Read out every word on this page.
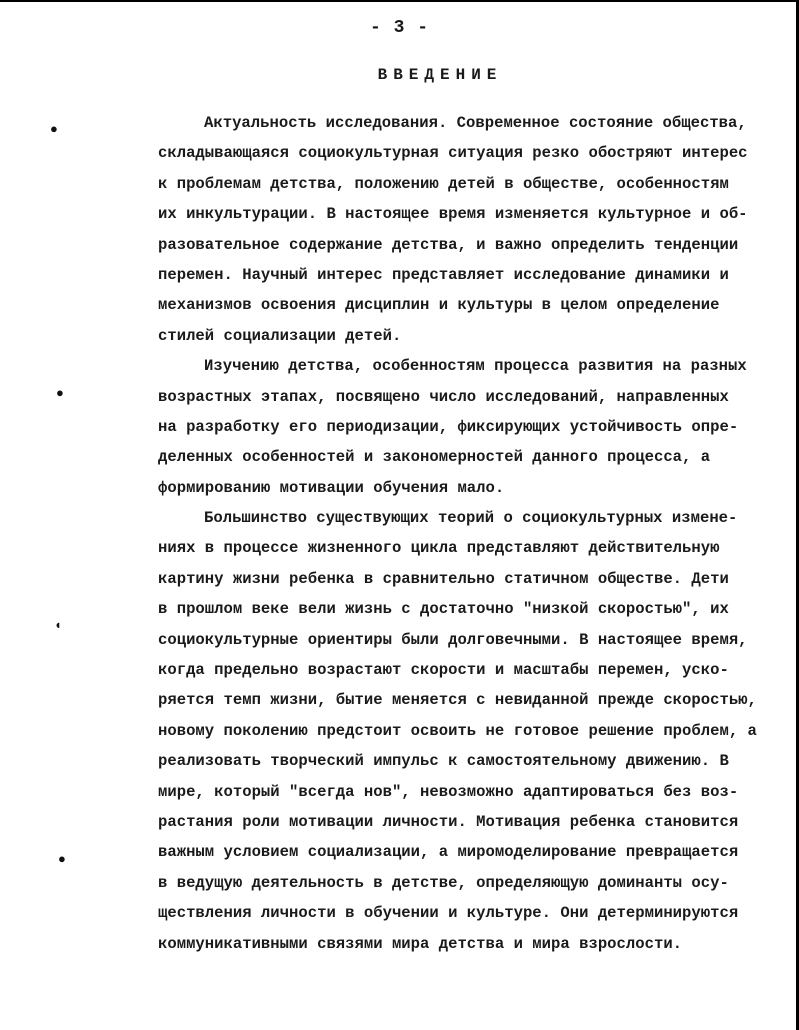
- 3 -
ВВЕДЕНИЕ
●
●
◖
●
Актуальность исследования. Современное состояние общества,
складывающаяся социокультурная ситуация резко обостряют интерес
к проблемам детства, положению детей в обществе, особенностям
их инкультурации. В настоящее время изменяется культурное и об-
разовательное содержание детства, и важно определить тенденции
перемен. Научный интерес представляет исследование динамики и
механизмов освоения дисциплин и культуры в целом определение
стилей социализации детей.
Изучению детства, особенностям процесса развития на разных
возрастных этапах, посвящено число исследований, направленных
на разработку его периодизации, фиксирующих устойчивость опре-
деленных особенностей и закономерностей данного процесса, а
формированию мотивации обучения мало.
Большинство существующих теорий о социокультурных измене-
ниях в процессе жизненного цикла представляют действительную
картину жизни ребенка в сравнительно статичном обществе. Дети
в прошлом веке вели жизнь с достаточно "низкой скоростью", их
социокультурные ориентиры были долговечными. В настоящее время,
когда предельно возрастают скорости и масштабы перемен, уско-
ряется темп жизни, бытие меняется с невиданной прежде скоростью,
новому поколению предстоит освоить не готовое решение проблем, а
реализовать творческий импульс к самостоятельному движению. В
мире, который "всегда нов", невозможно адаптироваться без воз-
растания роли мотивации личности. Мотивация ребенка становится
важным условием социализации, а миромоделирование превращается
в ведущую деятельность в детстве, определяющую доминанты осу-
ществления личности в обучении и культуре. Они детерминируются
коммуникативными связями мира детства и мира взрослости.
